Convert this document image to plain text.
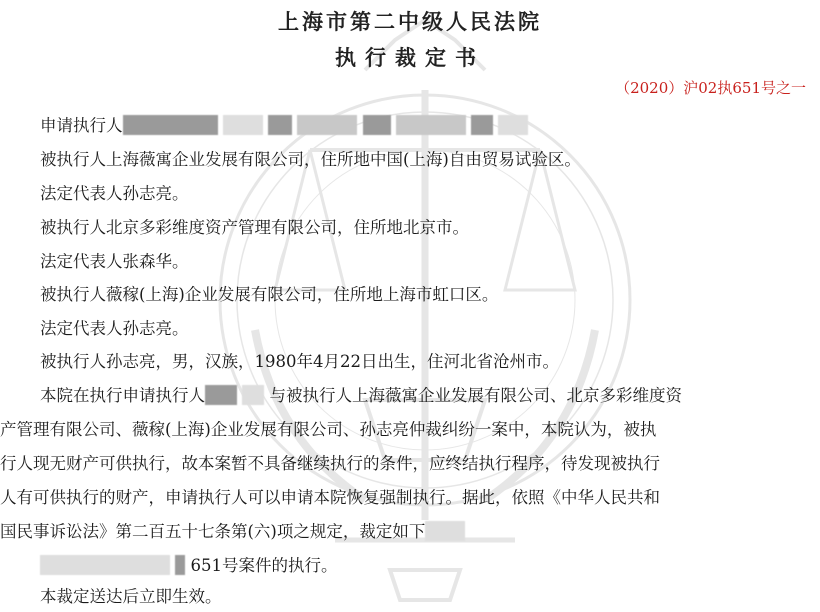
上海市第二中级人民法院
执行裁定书
（2020）沪02执651号之一
申请执行人
被执行人上海薇寓企业发展有限公司，住所地中国(上海)自由贸易试验区。
法定代表人孙志亮。
被执行人北京多彩维度资产管理有限公司，住所地北京市。
法定代表人张森华。
被执行人薇稼(上海)企业发展有限公司，住所地上海市虹口区。
法定代表人孙志亮。
被执行人孙志亮，男，汉族，1980年4月22日出生，住河北省沧州市。
本院在执行申请执行人	与被执行人上海薇寓企业发展有限公司、北京多彩维度资
产管理有限公司、薇稼(上海)企业发展有限公司、孙志亮仲裁纠纷一案中，本院认为，被执
行人现无财产可供执行，故本案暂不具备继续执行的条件，应终结执行程序，待发现被执行
人有可供执行的财产，申请执行人可以申请本院恢复强制执行。据此，依照《中华人民共和
国民事诉讼法》第二百五十七条第(六)项之规定，裁定如下
651号案件的执行。
本裁定送达后立即生效。
